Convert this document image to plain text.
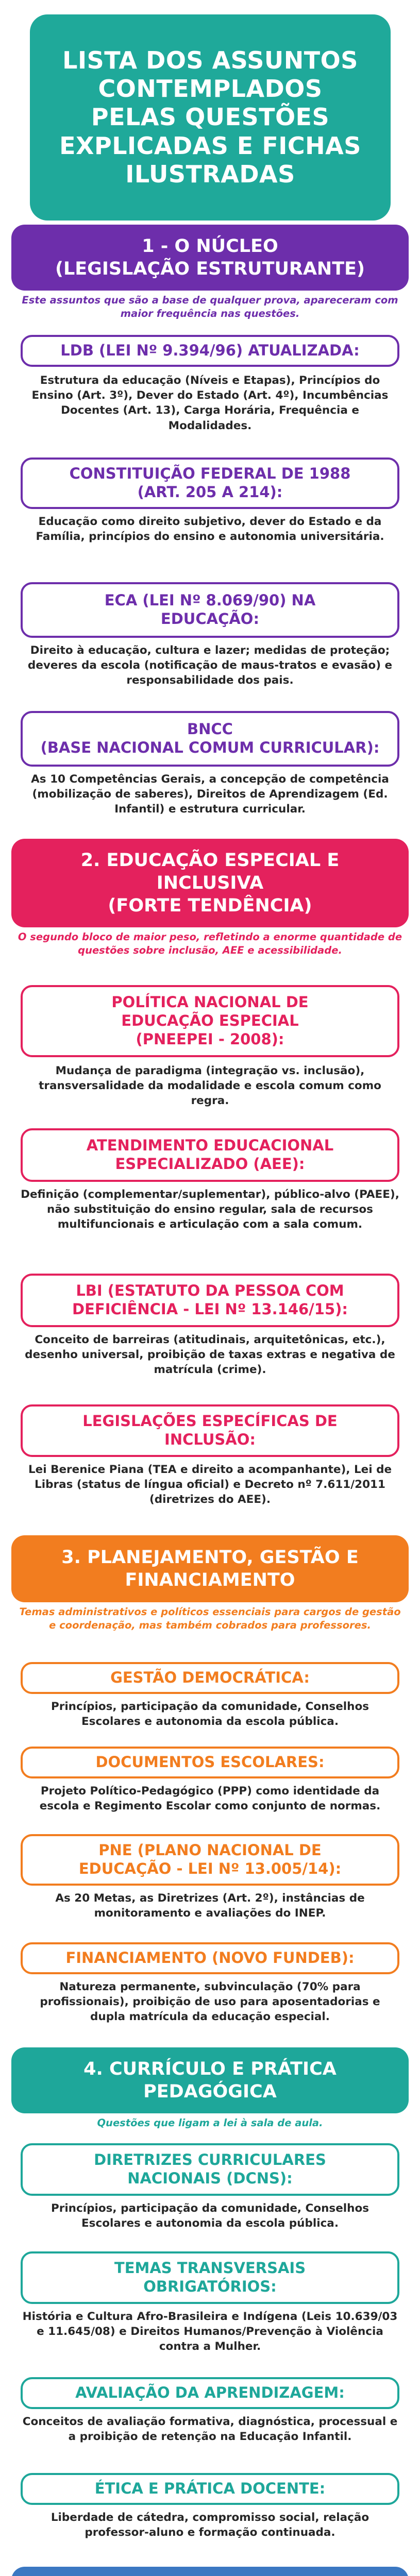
LISTA DOS ASSUNTOS
CONTEMPLADOS
PELAS QUESTÕES
EXPLICADAS E FICHAS
ILUSTRADAS
1 - O NÚCLEO
(LEGISLAÇÃO ESTRUTURANTE)
Este assuntos que são a base de qualquer prova, apareceram com maior frequência nas questões.
LDB (LEI Nº 9.394/96) ATUALIZADA:
Estrutura da educação (Níveis e Etapas), Princípios do Ensino (Art. 3º), Dever do Estado (Art. 4º), Incumbências Docentes (Art. 13), Carga Horária, Frequência e Modalidades.
CONSTITUIÇÃO FEDERAL DE 1988
(ART. 205 A 214):
Educação como direito subjetivo, dever do Estado e da Família, princípios do ensino e autonomia universitária.
ECA (LEI Nº 8.069/90) NA
EDUCAÇÃO:
Direito à educação, cultura e lazer; medidas de proteção; deveres da escola (notificação de maus-tratos e evasão) e responsabilidade dos pais.
BNCC
(BASE NACIONAL COMUM CURRICULAR):
As 10 Competências Gerais, a concepção de competência (mobilização de saberes), Direitos de Aprendizagem (Ed. Infantil) e estrutura curricular.
2. EDUCAÇÃO ESPECIAL E
INCLUSIVA
(FORTE TENDÊNCIA)
O segundo bloco de maior peso, refletindo a enorme quantidade de questões sobre inclusão, AEE e acessibilidade.
POLÍTICA NACIONAL DE
EDUCAÇÃO ESPECIAL
(PNEEPEI - 2008):
Mudança de paradigma (integração vs. inclusão), transversalidade da modalidade e escola comum como regra.
ATENDIMENTO EDUCACIONAL
ESPECIALIZADO (AEE):
Definição (complementar/suplementar), público-alvo (PAEE), não substituição do ensino regular, sala de recursos multifuncionais e articulação com a sala comum.
LBI (ESTATUTO DA PESSOA COM
DEFICIÊNCIA - LEI Nº 13.146/15):
Conceito de barreiras (atitudinais, arquitetônicas, etc.), desenho universal, proibição de taxas extras e negativa de matrícula (crime).
LEGISLAÇÕES ESPECÍFICAS DE
INCLUSÃO:
Lei Berenice Piana (TEA e direito a acompanhante), Lei de Libras (status de língua oficial) e Decreto nº 7.611/2011 (diretrizes do AEE).
3. PLANEJAMENTO, GESTÃO E
FINANCIAMENTO
Temas administrativos e políticos essenciais para cargos de gestão e coordenação, mas também cobrados para professores.
GESTÃO DEMOCRÁTICA:
Princípios, participação da comunidade, Conselhos Escolares e autonomia da escola pública.
DOCUMENTOS ESCOLARES:
Projeto Político-Pedagógico (PPP) como identidade da escola e Regimento Escolar como conjunto de normas.
PNE (PLANO NACIONAL DE
EDUCAÇÃO - LEI Nº 13.005/14):
As 20 Metas, as Diretrizes (Art. 2º), instâncias de monitoramento e avaliações do INEP.
FINANCIAMENTO (NOVO FUNDEB):
Natureza permanente, subvinculação (70% para profissionais), proibição de uso para aposentadorias e dupla matrícula da educação especial.
4. CURRÍCULO E PRÁTICA
PEDAGÓGICA
Questões que ligam a lei à sala de aula.
DIRETRIZES CURRICULARES
NACIONAIS (DCNS):
Princípios, participação da comunidade, Conselhos Escolares e autonomia da escola pública.
TEMAS TRANSVERSAIS
OBRIGATÓRIOS:
História e Cultura Afro-Brasileira e Indígena (Leis 10.639/03 e 11.645/08) e Direitos Humanos/Prevenção à Violência contra a Mulher.
AVALIAÇÃO DA APRENDIZAGEM:
Conceitos de avaliação formativa, diagnóstica, processual e a proibição de retenção na Educação Infantil.
ÉTICA E PRÁTICA DOCENTE:
Liberdade de cátedra, compromisso social, relação professor-aluno e formação continuada.
